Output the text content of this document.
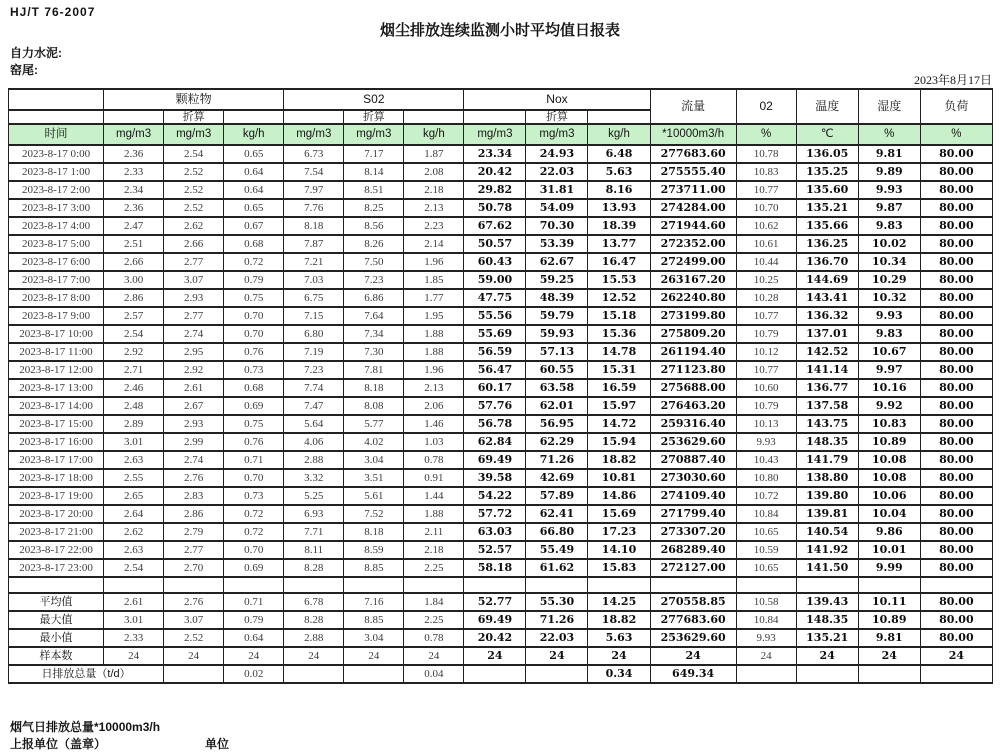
HJ/T 76-2007
烟尘排放连续监测小时平均值日报表
自力水泥:
窑尾:
2023年8月17日
	颗粒物			S02			Nox			流量	02	温度	湿度	负荷
		折算			折算			折算						
时间	mg/m3	mg/m3	kg/h	mg/m3	mg/m3	kg/h	mg/m3	mg/m3	kg/h	*10000m3/h	%	℃	%	%
2023-8-17 0:00	2.36	2.54	0.65	6.73	7.17	1.87	23.34	24.93	6.48	277683.60	10.78	136.05	9.81	80.00
2023-8-17 1:00	2.33	2.52	0.64	7.54	8.14	2.08	20.42	22.03	5.63	275555.40	10.83	135.25	9.89	80.00
2023-8-17 2:00	2.34	2.52	0.64	7.97	8.51	2.18	29.82	31.81	8.16	273711.00	10.77	135.60	9.93	80.00
2023-8-17 3:00	2.36	2.52	0.65	7.76	8.25	2.13	50.78	54.09	13.93	274284.00	10.70	135.21	9.87	80.00
2023-8-17 4:00	2.47	2.62	0.67	8.18	8.56	2.23	67.62	70.30	18.39	271944.60	10.62	135.66	9.83	80.00
2023-8-17 5:00	2.51	2.66	0.68	7.87	8.26	2.14	50.57	53.39	13.77	272352.00	10.61	136.25	10.02	80.00
2023-8-17 6:00	2.66	2.77	0.72	7.21	7.50	1.96	60.43	62.67	16.47	272499.00	10.44	136.70	10.34	80.00
2023-8-17 7:00	3.00	3.07	0.79	7.03	7.23	1.85	59.00	59.25	15.53	263167.20	10.25	144.69	10.29	80.00
2023-8-17 8:00	2.86	2.93	0.75	6.75	6.86	1.77	47.75	48.39	12.52	262240.80	10.28	143.41	10.32	80.00
2023-8-17 9:00	2.57	2.77	0.70	7.15	7.64	1.95	55.56	59.79	15.18	273199.80	10.77	136.32	9.93	80.00
2023-8-17 10:00	2.54	2.74	0.70	6.80	7.34	1.88	55.69	59.93	15.36	275809.20	10.79	137.01	9.83	80.00
2023-8-17 11:00	2.92	2.95	0.76	7.19	7.30	1.88	56.59	57.13	14.78	261194.40	10.12	142.52	10.67	80.00
2023-8-17 12:00	2.71	2.92	0.73	7.23	7.81	1.96	56.47	60.55	15.31	271123.80	10.77	141.14	9.97	80.00
2023-8-17 13:00	2.46	2.61	0.68	7.74	8.18	2.13	60.17	63.58	16.59	275688.00	10.60	136.77	10.16	80.00
2023-8-17 14:00	2.48	2.67	0.69	7.47	8.08	2.06	57.76	62.01	15.97	276463.20	10.79	137.58	9.92	80.00
2023-8-17 15:00	2.89	2.93	0.75	5.64	5.77	1.46	56.78	56.95	14.72	259316.40	10.13	143.75	10.83	80.00
2023-8-17 16:00	3.01	2.99	0.76	4.06	4.02	1.03	62.84	62.29	15.94	253629.60	9.93	148.35	10.89	80.00
2023-8-17 17:00	2.63	2.74	0.71	2.88	3.04	0.78	69.49	71.26	18.82	270887.40	10.43	141.79	10.08	80.00
2023-8-17 18:00	2.55	2.76	0.70	3.32	3.51	0.91	39.58	42.69	10.81	273030.60	10.80	138.80	10.08	80.00
2023-8-17 19:00	2.65	2.83	0.73	5.25	5.61	1.44	54.22	57.89	14.86	274109.40	10.72	139.80	10.06	80.00
2023-8-17 20:00	2.64	2.86	0.72	6.93	7.52	1.88	57.72	62.41	15.69	271799.40	10.84	139.81	10.04	80.00
2023-8-17 21:00	2.62	2.79	0.72	7.71	8.18	2.11	63.03	66.80	17.23	273307.20	10.65	140.54	9.86	80.00
2023-8-17 22:00	2.63	2.77	0.70	8.11	8.59	2.18	52.57	55.49	14.10	268289.40	10.59	141.92	10.01	80.00
2023-8-17 23:00	2.54	2.70	0.69	8.28	8.85	2.25	58.18	61.62	15.83	272127.00	10.65	141.50	9.99	80.00

平均值	2.61	2.76	0.71	6.78	7.16	1.84	52.77	55.30	14.25	270558.85	10.58	139.43	10.11	80.00
最大值	3.01	3.07	0.79	8.28	8.85	2.25	69.49	71.26	18.82	277683.60	10.84	148.35	10.89	80.00
最小值	2.33	2.52	0.64	2.88	3.04	0.78	20.42	22.03	5.63	253629.60	9.93	135.21	9.81	80.00
样本数	24	24	24	24	24	24	24	24	24	24	24	24	24	24
日排放总量（t/d）			0.02			0.04			0.34	649.34				
烟气日排放总量*10000m3/h
上报单位（盖章）	单位
